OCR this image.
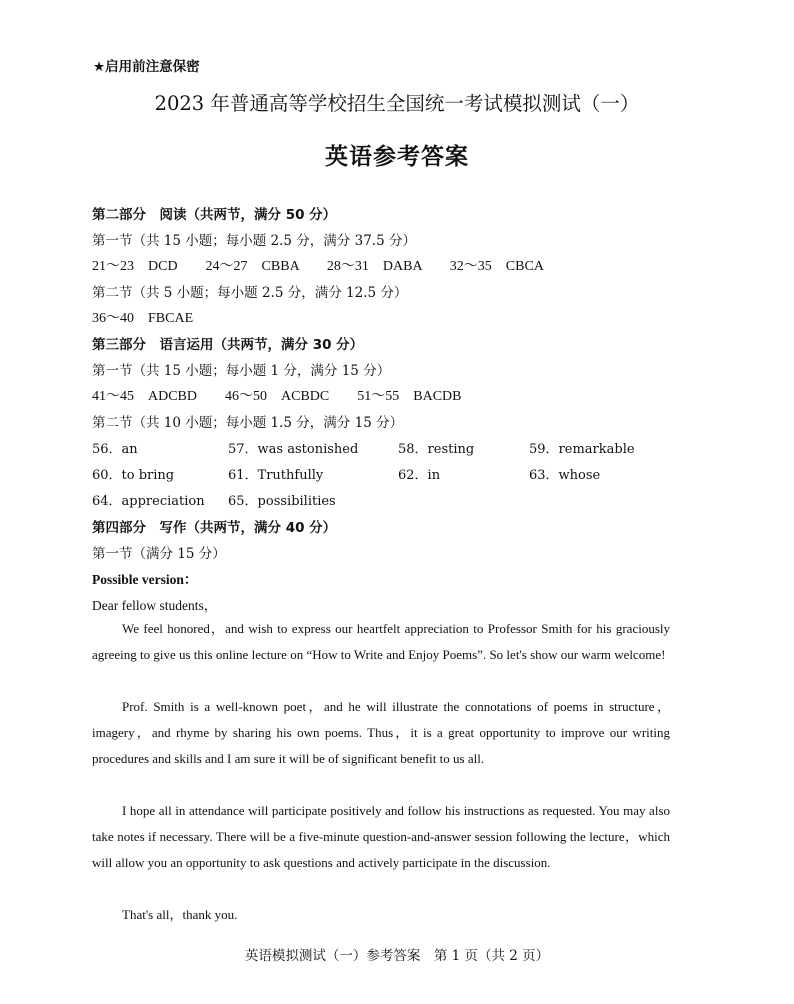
★启用前注意保密
2023 年普通高等学校招生全国统一考试模拟测试（一）
英语参考答案
第二部分　阅读（共两节，满分 50 分）
第一节（共 15 小题；每小题 2.5 分，满分 37.5 分）
21～23　DCD　　24～27　CBBA　　28～31　DABA　　32～35　CBCA
第二节（共 5 小题；每小题 2.5 分，满分 12.5 分）
36～40　FBCAE
第三部分　语言运用（共两节，满分 30 分）
第一节（共 15 小题；每小题 1 分，满分 15 分）
41～45　ADCBD　　46～50　ACBDC　　51～55　BACDB
第二节（共 10 小题；每小题 1.5 分，满分 15 分）
56．an	57．was astonished	58．resting	59．remarkable
60．to bring	61．Truthfully	62．in	63．whose
64．appreciation 65．possibilities
第四部分　写作（共两节，满分 40 分）
第一节（满分 15 分）
Possible version：
Dear fellow students，
We feel honored，and wish to express our heartfelt appreciation to Professor Smith for his graciously agreeing to give us this online lecture on “How to Write and Enjoy Poems”. So let's show our warm welcome!
Prof. Smith is a well-known poet，and he will illustrate the connotations of poems in structure，imagery，and rhyme by sharing his own poems. Thus，it is a great opportunity to improve our writing procedures and skills and I am sure it will be of significant benefit to us all.
I hope all in attendance will participate positively and follow his instructions as requested. You may also take notes if necessary. There will be a five-minute question-and-answer session following the lecture，which will allow you an opportunity to ask questions and actively participate in the discussion.
That's all，thank you.
英语模拟测试（一）参考答案　第 1 页（共 2 页）
